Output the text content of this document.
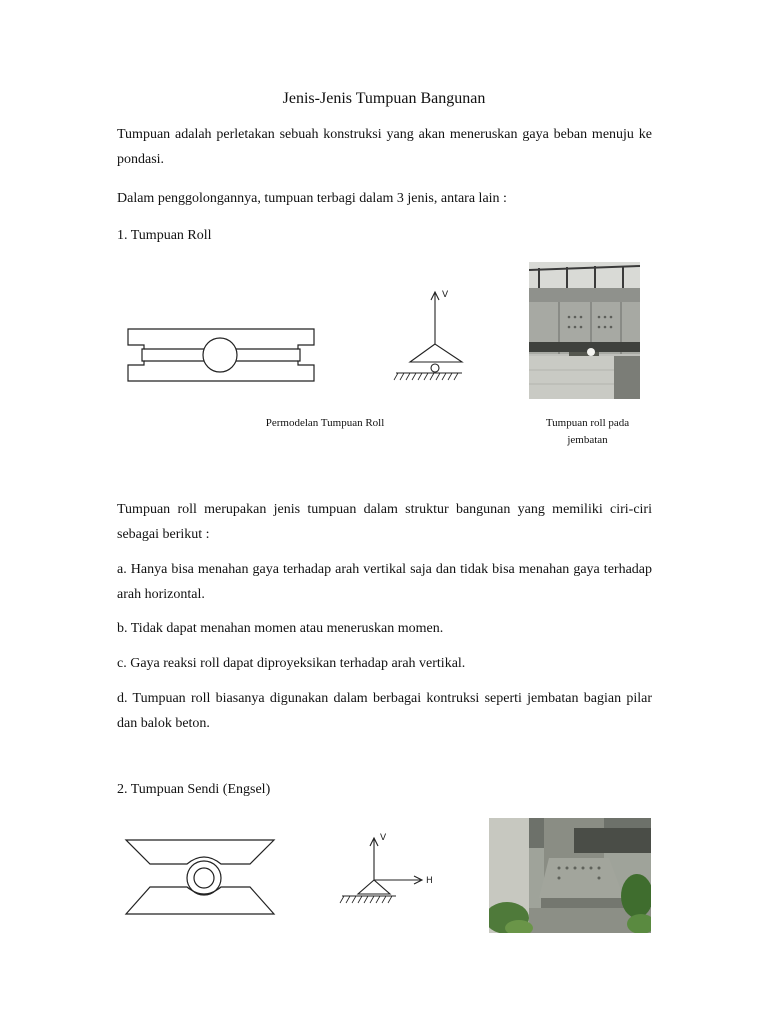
Jenis-Jenis Tumpuan Bangunan
Tumpuan adalah perletakan sebuah konstruksi yang akan meneruskan gaya beban menuju ke pondasi.
Dalam penggolongannya, tumpuan terbagi dalam 3 jenis, antara lain :
1. Tumpuan Roll
V
Permodelan Tumpuan Roll	Tumpuan roll pada
jembatan
Tumpuan roll merupakan jenis tumpuan dalam struktur bangunan yang memiliki ciri-ciri sebagai berikut :
a. Hanya bisa menahan gaya terhadap arah vertikal saja dan tidak bisa menahan gaya terhadap arah horizontal.
b. Tidak dapat menahan momen atau meneruskan momen.
c. Gaya reaksi roll dapat diproyeksikan terhadap arah vertikal.
d. Tumpuan roll biasanya digunakan dalam berbagai kontruksi seperti jembatan bagian pilar dan balok beton.
2. Tumpuan Sendi (Engsel)
V
H
